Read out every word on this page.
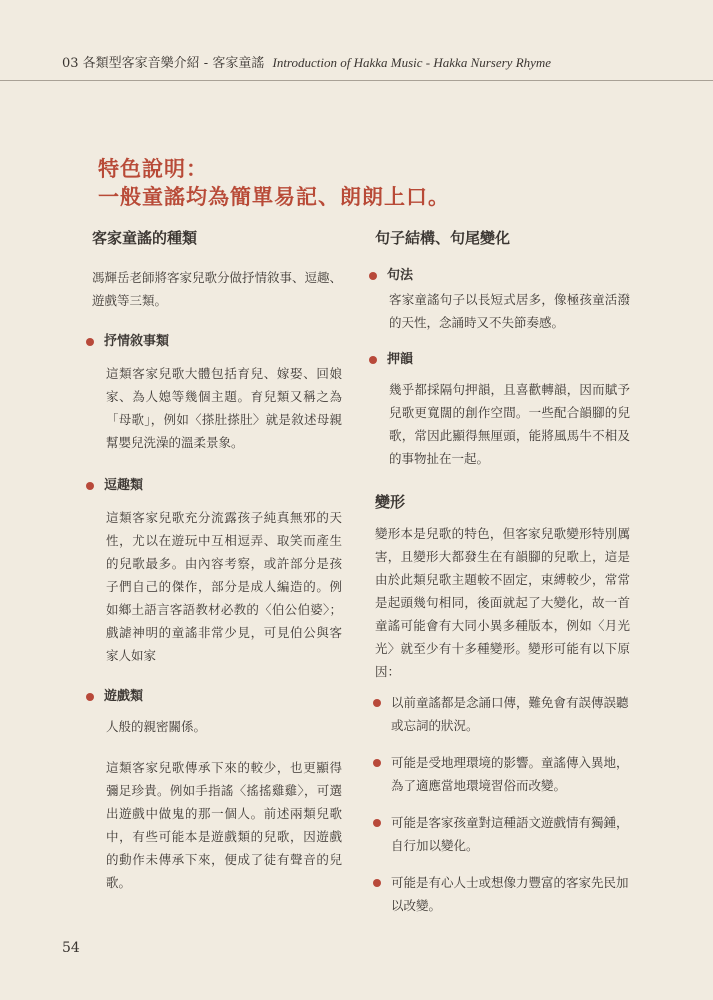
03 各類型客家音樂介紹 - 客家童謠 Introduction of Hakka Music - Hakka Nursery Rhyme
特色說明：
一般童謠均為簡單易記、朗朗上口。
客家童謠的種類

馮輝岳老師將客家兒歌分做抒情敘事、逗趣、遊戲等三類。

抒情敘事類

這類客家兒歌大體包括育兒、嫁娶、回娘家、為人媳等幾個主題。育兒類又稱之為「母歌」，例如〈搽肚搽肚〉就是敘述母親幫嬰兒洗澡的溫柔景象。

逗趣類

這類客家兒歌充分流露孩子純真無邪的天性，尤以在遊玩中互相逗弄、取笑而產生的兒歌最多。由內容考察，或許部分是孩子們自己的傑作，部分是成人編造的。例如鄉土語言客語教材必教的〈伯公伯婆〉；戲謔神明的童謠非常少見，可見伯公與客家人如家

遊戲類

人般的親密關係。

這類客家兒歌傳承下來的較少，也更顯得彌足珍貴。例如手指謠〈搖搖雞雞〉，可選出遊戲中做鬼的那一個人。前述兩類兒歌中，有些可能本是遊戲類的兒歌，因遊戲的動作未傳承下來，便成了徒有聲音的兒歌。

句子結構、句尾變化
句法

客家童謠句子以長短式居多，像極孩童活潑的天性，念誦時又不失節奏感。

押韻

幾乎都採隔句押韻，且喜歡轉韻，因而賦予兒歌更寬闊的創作空間。一些配合韻腳的兒歌，常因此顯得無厘頭，能將風馬牛不相及的事物扯在一起。

變形

變形本是兒歌的特色，但客家兒歌變形特別厲害，且變形大都發生在有韻腳的兒歌上，這是由於此類兒歌主題較不固定，束縛較少，常常是起頭幾句相同，後面就起了大變化，故一首童謠可能會有大同小異多種版本，例如〈月光光〉就至少有十多種變形。變形可能有以下原因：

以前童謠都是念誦口傳，難免會有誤傳誤聽或忘詞的狀況。
可能是受地理環境的影響。童謠傳入異地，為了適應當地環境習俗而改變。
可能是客家孩童對這種語文遊戲情有獨鍾，自行加以變化。
可能是有心人士或想像力豐富的客家先民加以改變。
54
